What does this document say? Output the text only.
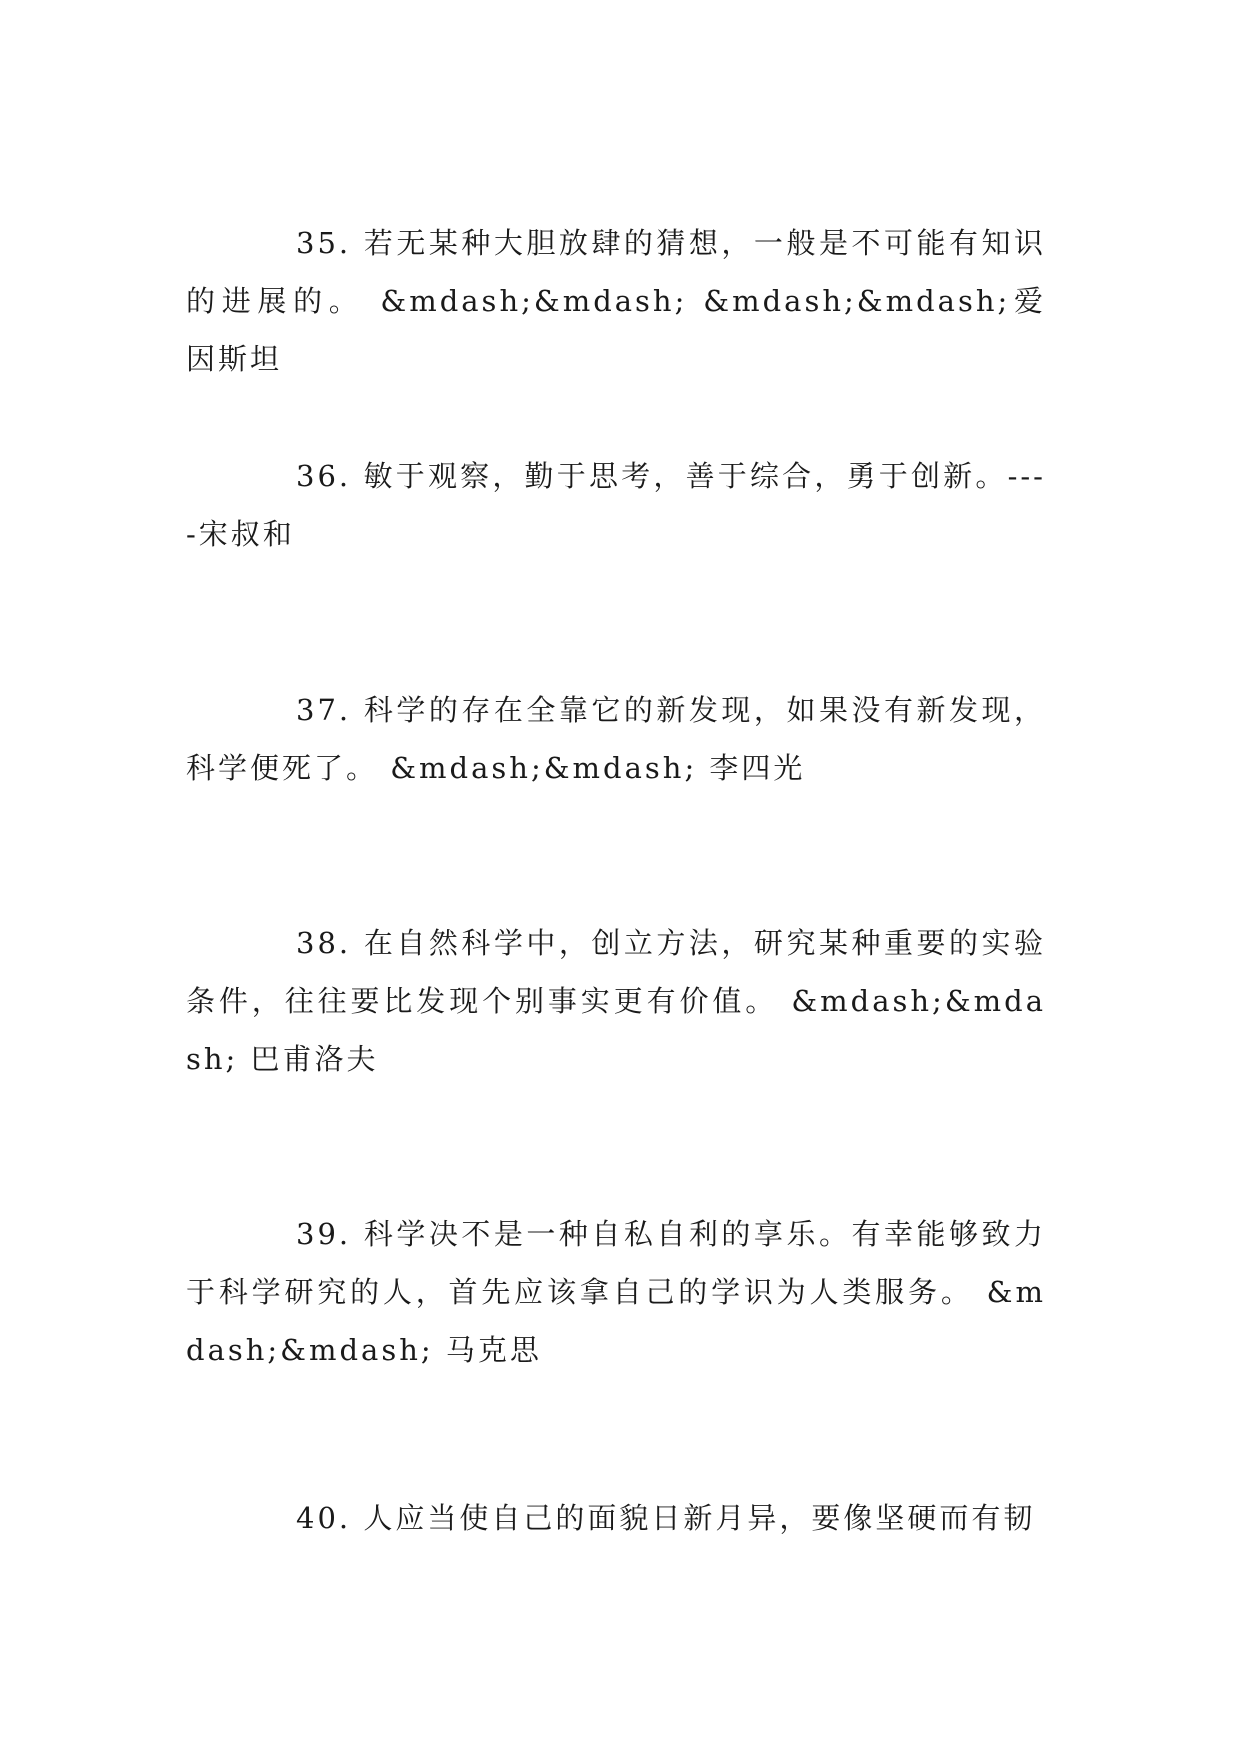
35. 若无某种大胆放肆的猜想，一般是不可能有知识的进展的。 &mdash;&mdash; &mdash;&mdash;爱因斯坦

36. 敏于观察，勤于思考，善于综合，勇于创新。----宋叔和

37. 科学的存在全靠它的新发现，如果没有新发现，科学便死了。 &mdash;&mdash; 李四光

38. 在自然科学中，创立方法，研究某种重要的实验条件，往往要比发现个别事实更有价值。 &mdash;&mdash; 巴甫洛夫

39. 科学决不是一种自私自利的享乐。有幸能够致力于科学研究的人，首先应该拿自己的学识为人类服务。 &mdash;&mdash; 马克思

40. 人应当使自己的面貌日新月异，要像坚硬而有韧
